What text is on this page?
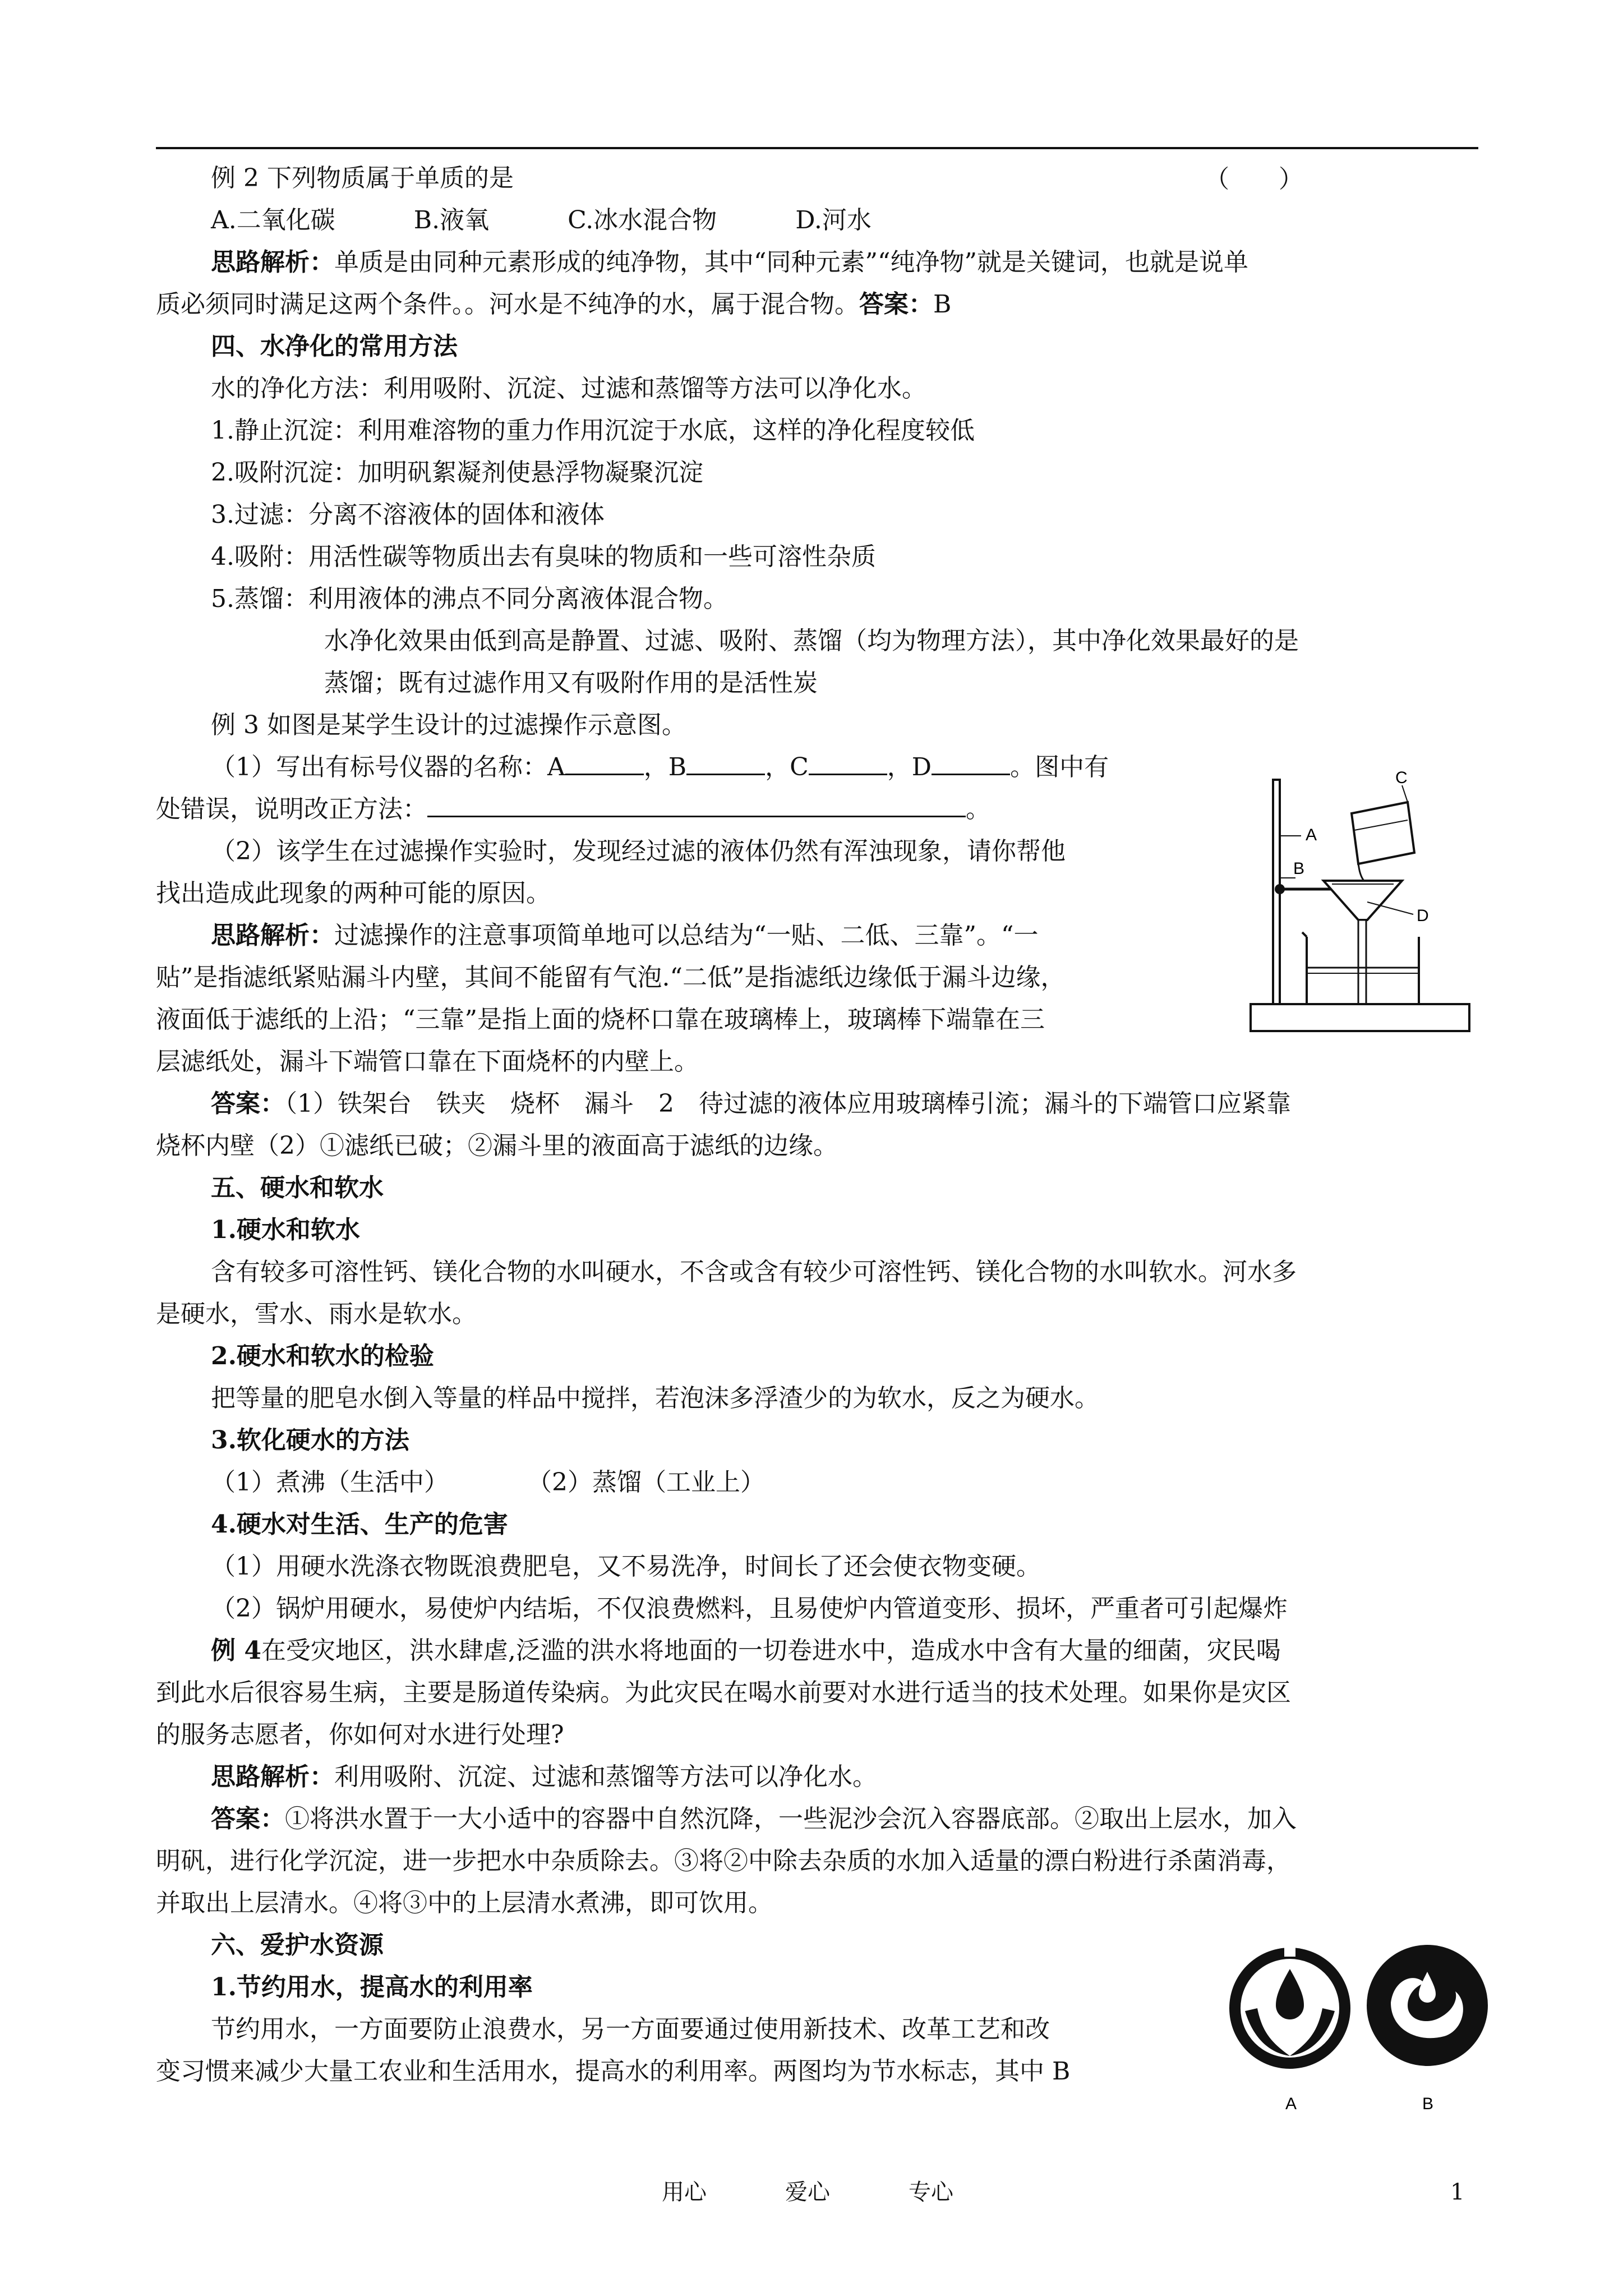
（　　）

例 2 下列物质属于单质的是

A.二氧化碳	B.液氧	C.冰水混合物	D.河水

思路解析：单质是由同种元素形成的纯净物，其中“同种元素”“纯净物”就是关键词，也就是说单

质必须同时满足这两个条件。。河水是不纯净的水，属于混合物。答案：B

四、水净化的常用方法

水的净化方法：利用吸附、沉淀、过滤和蒸馏等方法可以净化水。

1.静止沉淀：利用难溶物的重力作用沉淀于水底，这样的净化程度较低

2.吸附沉淀：加明矾絮凝剂使悬浮物凝聚沉淀

3.过滤：分离不溶液体的固体和液体

4.吸附：用活性碳等物质出去有臭味的物质和一些可溶性杂质

5.蒸馏：利用液体的沸点不同分离液体混合物。

水净化效果由低到高是静置、过滤、吸附、蒸馏（均为物理方法），其中净化效果最好的是

蒸馏；既有过滤作用又有吸附作用的是活性炭

例 3 如图是某学生设计的过滤操作示意图。

（1）写出有标号仪器的名称：A	，B	，C	，D	。图中有

处错误，说明改正方法：	。

（2）该学生在过滤操作实验时，发现经过滤的液体仍然有浑浊现象，请你帮他

找出造成此现象的两种可能的原因。

思路解析：过滤操作的注意事项简单地可以总结为“一贴、二低、三靠”。“一

贴”是指滤纸紧贴漏斗内壁，其间不能留有气泡.“二低”是指滤纸边缘低于漏斗边缘，

液面低于滤纸的上沿；“三靠”是指上面的烧杯口靠在玻璃棒上，玻璃棒下端靠在三

层滤纸处，漏斗下端管口靠在下面烧杯的内壁上。

答案：（1）铁架台　铁夹　烧杯　漏斗　2　待过滤的液体应用玻璃棒引流；漏斗的下端管口应紧靠

烧杯内壁（2）①滤纸已破；②漏斗里的液面高于滤纸的边缘。

五、硬水和软水

1.硬水和软水

含有较多可溶性钙、镁化合物的水叫硬水，不含或含有较少可溶性钙、镁化合物的水叫软水。河水多

是硬水，雪水、雨水是软水。

2.硬水和软水的检验

把等量的肥皂水倒入等量的样品中搅拌，若泡沫多浮渣少的为软水，反之为硬水。

3.软化硬水的方法

（1）煮沸（生活中）	（2）蒸馏（工业上）

4.硬水对生活、生产的危害

（1）用硬水洗涤衣物既浪费肥皂，又不易洗净，时间长了还会使衣物变硬。

（2）锅炉用硬水，易使炉内结垢，不仅浪费燃料，且易使炉内管道变形、损坏，严重者可引起爆炸

例 4在受灾地区，洪水肆虐,泛滥的洪水将地面的一切卷进水中，造成水中含有大量的细菌，灾民喝

到此水后很容易生病，主要是肠道传染病。为此灾民在喝水前要对水进行适当的技术处理。如果你是灾区

的服务志愿者，你如何对水进行处理?

思路解析：利用吸附、沉淀、过滤和蒸馏等方法可以净化水。

答案：①将洪水置于一大小适中的容器中自然沉降，一些泥沙会沉入容器底部。②取出上层水，加入

明矾，进行化学沉淀，进一步把水中杂质除去。③将②中除去杂质的水加入适量的漂白粉进行杀菌消毒，

并取出上层清水。④将③中的上层清水煮沸，即可饮用。

六、爱护水资源

1.节约用水，提高水的利用率

节约用水，一方面要防止浪费水，另一方面要通过使用新技术、改革工艺和改

变习惯来减少大量工农业和生活用水，提高水的利用率。两图均为节水标志，其中 B

A
B
C
D
A	B
用心	爱心	专心	1
